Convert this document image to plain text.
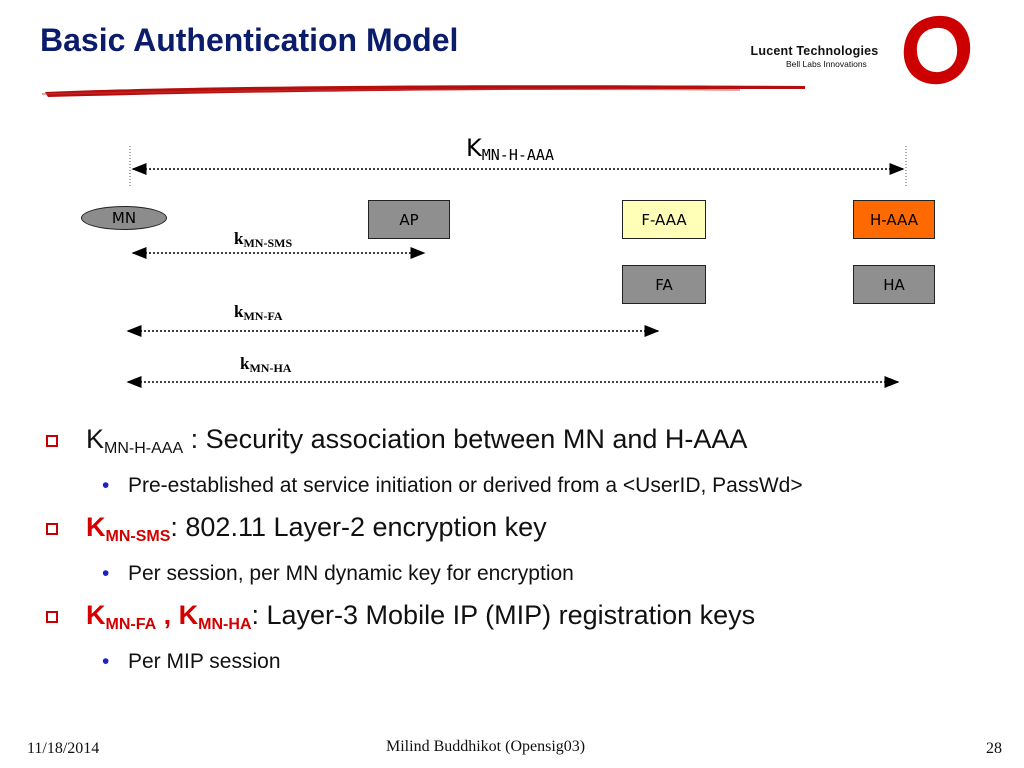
Basic Authentication Model	Lucent Technologies
Bell Labs Innovations
$K_{MN-H-AAA}$
MN	AP	F-AAA	H-AAA
FA	HA
$k_{MN-SMS}$
$k_{MN-FA}$
$k_{MN-HA}$
$K_{MN-H-AAA}$ : Security association between MN and H-AAA
• Pre-established at service initiation or derived from a <UserID, PassWd>
$K_{MN-SMS}$: 802.11 Layer-2 encryption key
• Per session, per MN dynamic key for encryption
$K_{MN-FA}$ , $K_{MN-HA}$: Layer-3 Mobile IP (MIP) registration keys
• Per MIP session
11/18/2014	Milind Buddhikot (Opensig03)	28
